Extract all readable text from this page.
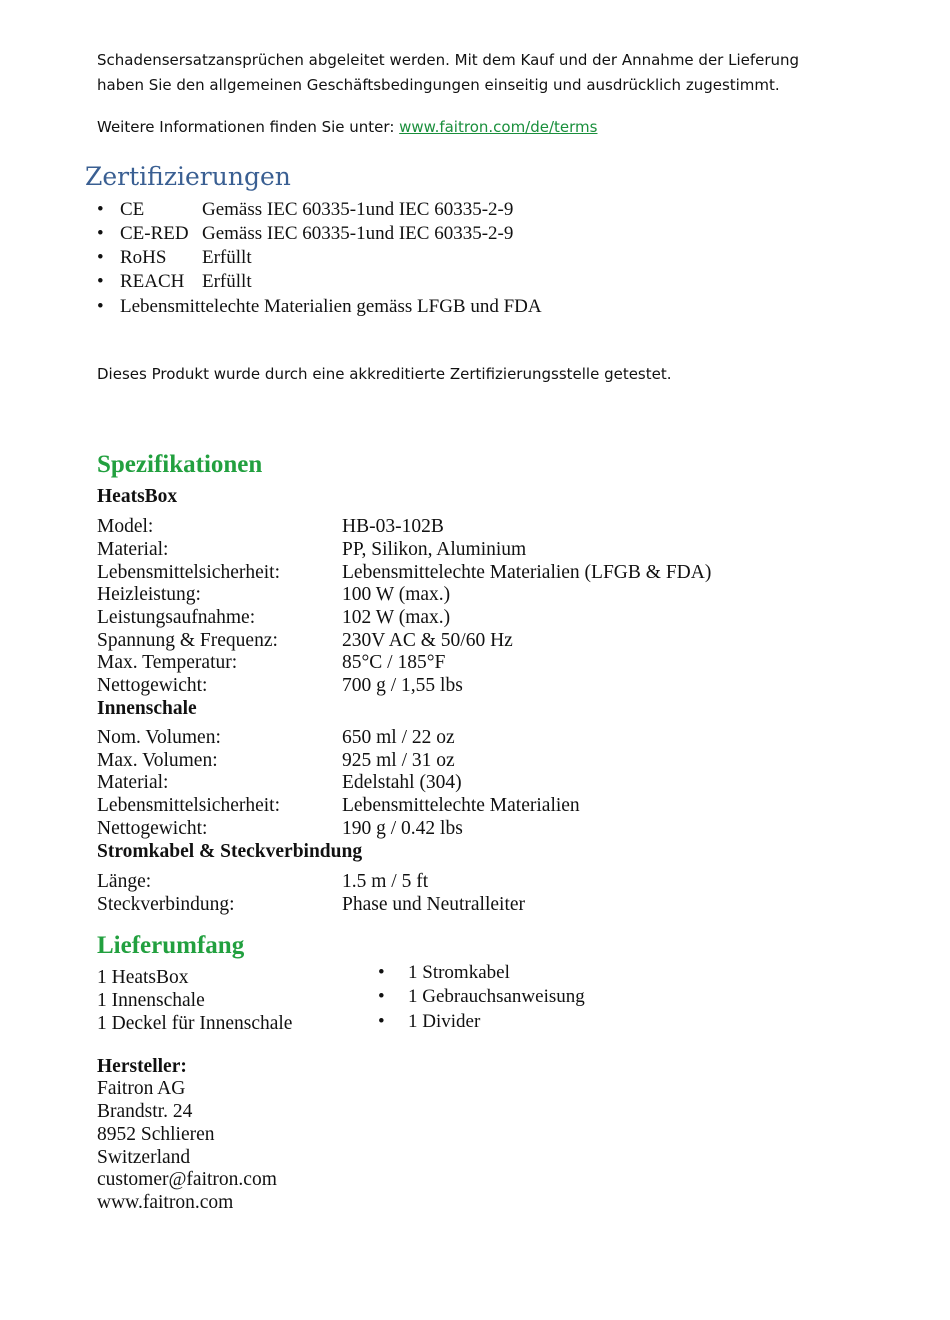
Schadensersatzansprüchen abgeleitet werden. Mit dem Kauf und der Annahme der Lieferung
haben Sie den allgemeinen Geschäftsbedingungen einseitig und ausdrücklich zugestimmt.
Weitere Informationen finden Sie unter: www.faitron.com/de/terms
Zertifizierungen
• CE	Gemäss IEC 60335-1und IEC 60335-2-9
• CE-RED Gemäss IEC 60335-1und IEC 60335-2-9
• RoHS Erfüllt
• REACH Erfüllt
• Lebensmittelechte Materialien gemäss LFGB und FDA
Dieses Produkt wurde durch eine akkreditierte Zertifizierungsstelle getestet.
Spezifikationen
HeatsBox
Model:	HB-03-102B
Material:	PP, Silikon, Aluminium
Lebensmittelsicherheit:	Lebensmittelechte Materialien (LFGB & FDA)
Heizleistung:	100 W (max.)
Leistungsaufnahme:	102 W (max.)
Spannung & Frequenz:	230V AC & 50/60 Hz
Max. Temperatur:	85°C / 185°F
Nettogewicht:	700 g / 1,55 lbs
Innenschale
Nom. Volumen:	650 ml / 22 oz
Max. Volumen:	925 ml / 31 oz
Material:	Edelstahl (304)
Lebensmittelsicherheit:	Lebensmittelechte Materialien
Nettogewicht:	190 g / 0.42 lbs
Stromkabel & Steckverbindung
Länge:	1.5 m / 5 ft
Steckverbindung:	Phase und Neutralleiter
Lieferumfang
1 HeatsBox
1 Innenschale
1 Deckel für Innenschale
• 1 Stromkabel
• 1 Gebrauchsanweisung
• 1 Divider
Hersteller:
Faitron AG
Brandstr. 24
8952 Schlieren
Switzerland
customer@faitron.com
www.faitron.com
